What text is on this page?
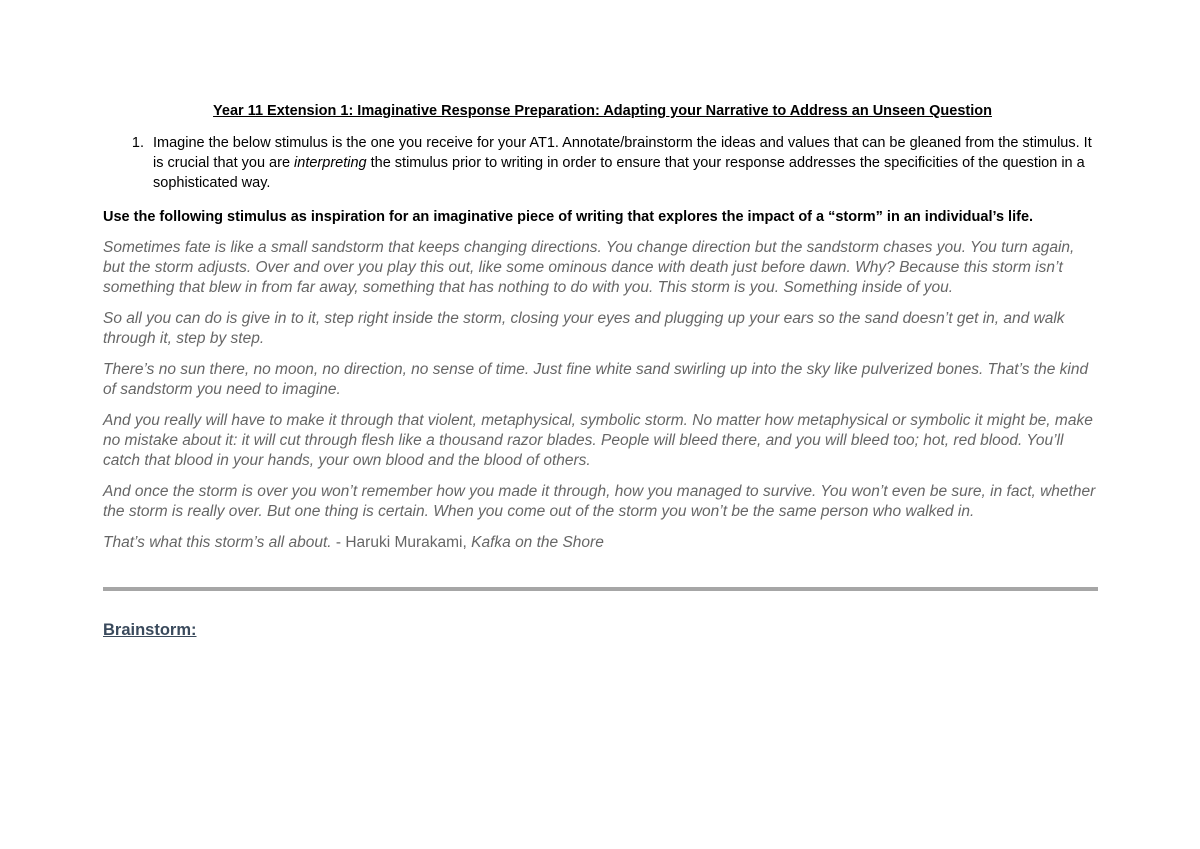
Year 11 Extension 1: Imaginative Response Preparation: Adapting your Narrative to Address an Unseen Question

1. Imagine the below stimulus is the one you receive for your AT1. Annotate/brainstorm the ideas and values that can be gleaned from the stimulus. It is crucial that you are interpreting the stimulus prior to writing in order to ensure that your response addresses the specificities of the question in a sophisticated way.

Use the following stimulus as inspiration for an imaginative piece of writing that explores the impact of a “storm” in an individual’s life.

Sometimes fate is like a small sandstorm that keeps changing directions. You change direction but the sandstorm chases you. You turn again, but the storm adjusts. Over and over you play this out, like some ominous dance with death just before dawn. Why? Because this storm isn’t something that blew in from far away, something that has nothing to do with you. This storm is you. Something inside of you.

So all you can do is give in to it, step right inside the storm, closing your eyes and plugging up your ears so the sand doesn’t get in, and walk through it, step by step.

There’s no sun there, no moon, no direction, no sense of time. Just fine white sand swirling up into the sky like pulverized bones. That’s the kind of sandstorm you need to imagine.

And you really will have to make it through that violent, metaphysical, symbolic storm. No matter how metaphysical or symbolic it might be, make no mistake about it: it will cut through flesh like a thousand razor blades. People will bleed there, and you will bleed too; hot, red blood. You’ll catch that blood in your hands, your own blood and the blood of others.

And once the storm is over you won’t remember how you made it through, how you managed to survive. You won’t even be sure, in fact, whether the storm is really over. But one thing is certain. When you come out of the storm you won’t be the same person who walked in.

That’s what this storm’s all about. - Haruki Murakami, Kafka on the Shore

Brainstorm:
